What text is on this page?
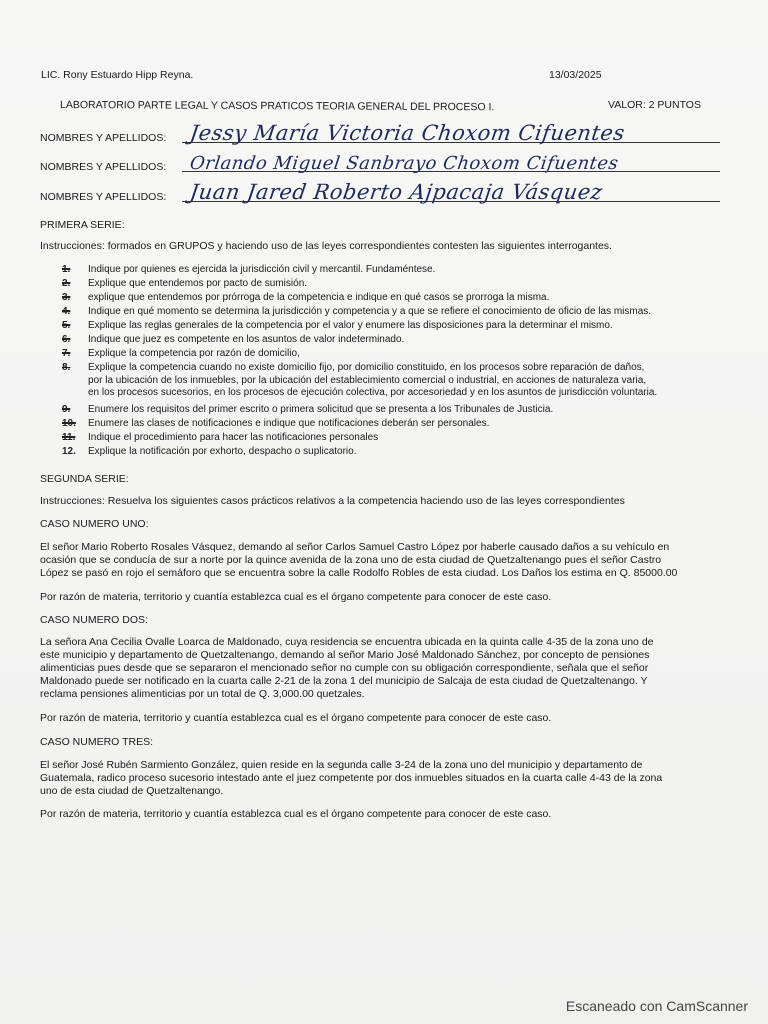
LIC. Rony Estuardo Hipp Reyna.	13/03/2025
LABORATORIO PARTE LEGAL Y CASOS PRATICOS TEORIA GENERAL DEL PROCESO I.	VALOR: 2 PUNTOS
NOMBRES Y APELLIDOS: Jessy María Victoria Choxom Cifuentes
NOMBRES Y APELLIDOS: Orlando Miguel Sanbrayo Choxom Cifuentes
NOMBRES Y APELLIDOS: Juan Jared Roberto Ajpacaja Vásquez
PRIMERA SERIE:
Instrucciones: formados en GRUPOS y haciendo uso de las leyes correspondientes contesten las siguientes interrogantes.
1. Indique por quienes es ejercida la jurisdicción civil y mercantil. Fundaméntese.
2. Explique que entendemos por pacto de sumisión.
3. explique que entendemos por prórroga de la competencia e indique en qué casos se prorroga la misma.
4. Indique en qué momento se determina la jurisdicción y competencia y a que se refiere el conocimiento de oficio de las mismas.
5. Explique las reglas generales de la competencia por el valor y enumere las disposiciones para la determinar el mismo.
6. Indique que juez es competente en los asuntos de valor indeterminado.
7. Explique la competencia por razón de domicilio,
8. Explique la competencia cuando no existe domicilio fijo, por domicilio constituido, en los procesos sobre reparación de daños,
por la ubicación de los inmuebles, por la ubicación del establecimiento comercial o industrial, en acciones de naturaleza varia,
en los procesos sucesorios, en los procesos de ejecución colectiva, por accesoriedad y en los asuntos de jurisdicción voluntaria.
9. Enumere los requisitos del primer escrito o primera solicitud que se presenta a los Tribunales de Justicia.
10. Enumere las clases de notificaciones e indique que notificaciones deberán ser personales.
11. Indique el procedimiento para hacer las notificaciones personales
12. Explique la notificación por exhorto, despacho o suplicatorio.
SEGUNDA SERIE:
Instrucciones: Resuelva los siguientes casos prácticos relativos a la competencia haciendo uso de las leyes correspondientes
CASO NUMERO UNO:
El señor Mario Roberto Rosales Vásquez, demando al señor Carlos Samuel Castro López por haberle causado daños a su vehículo en
ocasión que se conducía de sur a norte por la quince avenida de la zona uno de esta ciudad de Quetzaltenango pues el señor Castro
López se pasó en rojo el semáforo que se encuentra sobre la calle Rodolfo Robles de esta ciudad. Los Daños los estima en Q. 85000.00
Por razón de materia, territorio y cuantía establezca cual es el órgano competente para conocer de este caso.
CASO NUMERO DOS:
La señora Ana Cecilia Ovalle Loarca de Maldonado, cuya residencia se encuentra ubicada en la quinta calle 4-35 de la zona uno de
este municipio y departamento de Quetzaltenango, demando al señor Mario José Maldonado Sánchez, por concepto de pensiones
alimenticias pues desde que se separaron el mencionado señor no cumple con su obligación correspondiente, señala que el señor
Maldonado puede ser notificado en la cuarta calle 2-21 de la zona 1 del municipio de Salcaja de esta ciudad de Quetzaltenango. Y
reclama pensiones alimenticias por un total de Q. 3,000.00 quetzales.
Por razón de materia, territorio y cuantía establezca cual es el órgano competente para conocer de este caso.
CASO NUMERO TRES:
El señor José Rubén Sarmiento González, quien reside en la segunda calle 3-24 de la zona uno del municipio y departamento de
Guatemala, radico proceso sucesorio intestado ante el juez competente por dos inmuebles situados en la cuarta calle 4-43 de la zona
uno de esta ciudad de Quetzaltenango.
Por razón de materia, territorio y cuantía establezca cual es el órgano competente para conocer de este caso.
Escaneado con CamScanner
